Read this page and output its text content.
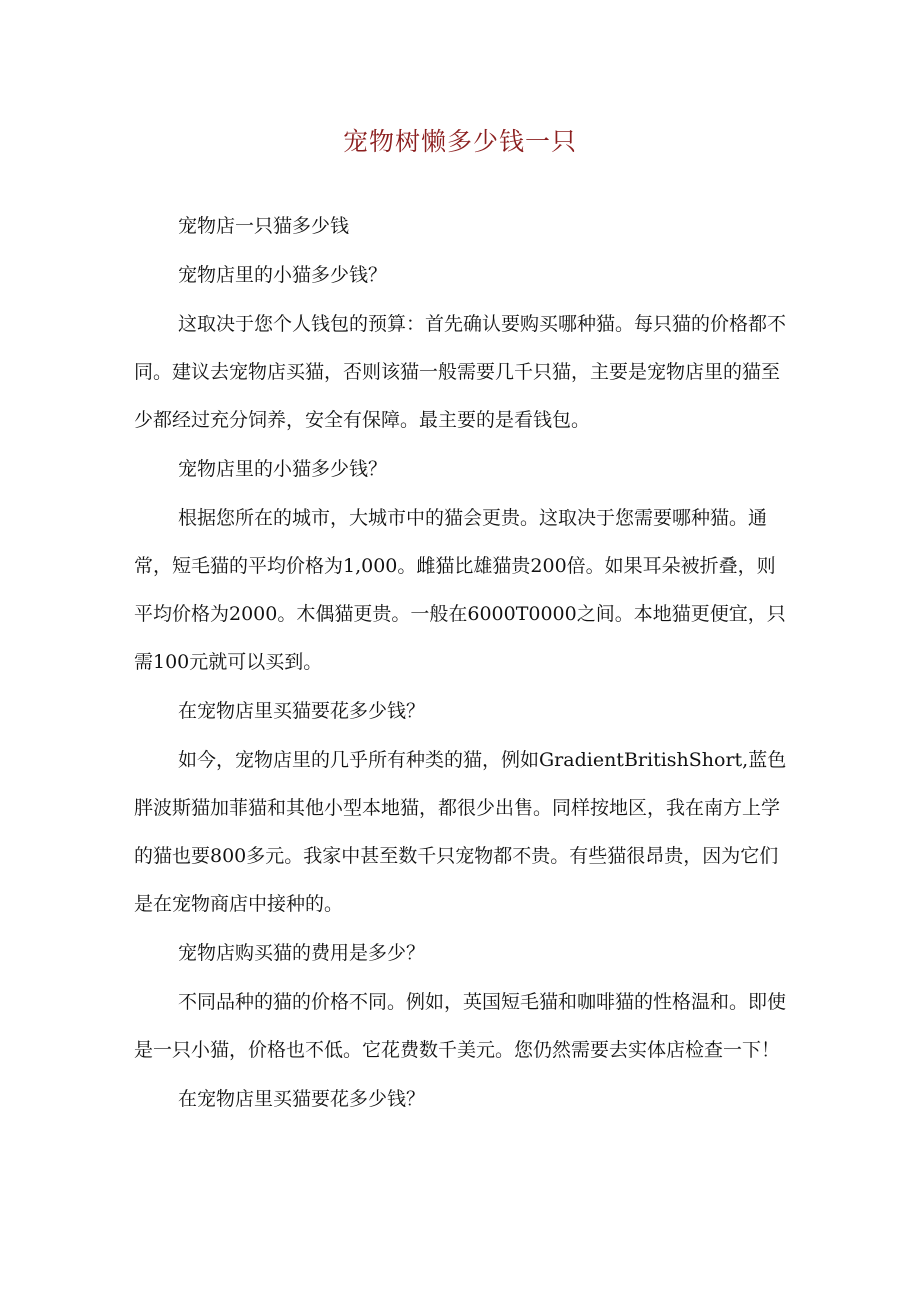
宠物树懒多少钱一只

宠物店一只猫多少钱

宠物店里的小猫多少钱？

这取决于您个人钱包的预算：首先确认要购买哪种猫。每只猫的价格都不同。建议去宠物店买猫，否则该猫一般需要几千只猫，主要是宠物店里的猫至少都经过充分饲养，安全有保障。最主要的是看钱包。

宠物店里的小猫多少钱？

根据您所在的城市，大城市中的猫会更贵。这取决于您需要哪种猫。通常，短毛猫的平均价格为1,000。雌猫比雄猫贵200倍。如果耳朵被折叠，则平均价格为2000。木偶猫更贵。一般在6000T0000之间。本地猫更便宜，只需100元就可以买到。

在宠物店里买猫要花多少钱？

如今，宠物店里的几乎所有种类的猫，例如GradientBritishShort,蓝色胖波斯猫加菲猫和其他小型本地猫，都很少出售。同样按地区，我在南方上学的猫也要800多元。我家中甚至数千只宠物都不贵。有些猫很昂贵，因为它们是在宠物商店中接种的。

宠物店购买猫的费用是多少？

不同品种的猫的价格不同。例如，英国短毛猫和咖啡猫的性格温和。即使是一只小猫，价格也不低。它花费数千美元。您仍然需要去实体店检查一下！

在宠物店里买猫要花多少钱？
